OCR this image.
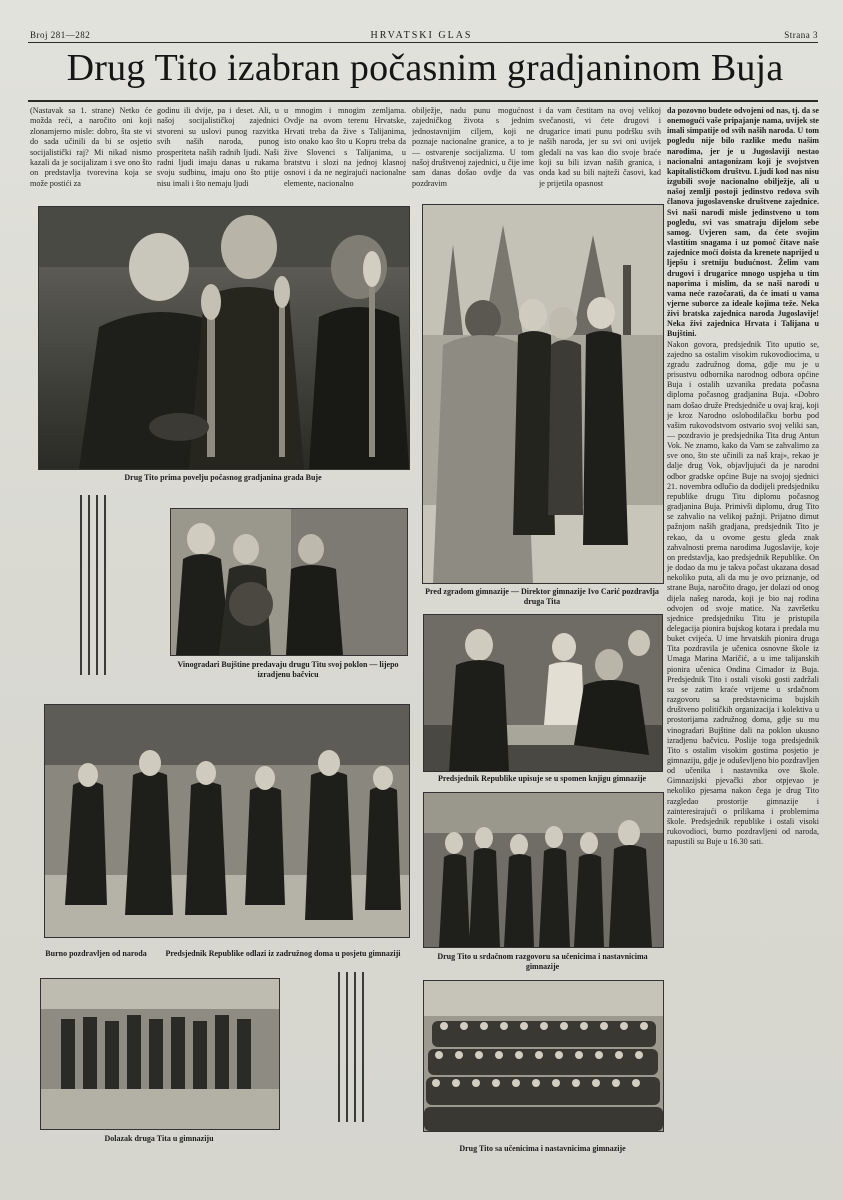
Broj 281—282	HRVATSKI GLAS	Strana 3
Drug Tito izabran počasnim gradjaninom Buja
(Nastavak sa 1. strane) Netko će možda reći, a naročito oni koji zlonamjerno misle: dobro, šta ste vi do sada učinili da bi se osjetio socijalistički raj? Mi nikad nismo kazali da je socijalizam i sve ono što on predstavlja tvorevina koja se može postići za
godinu ili dvije, pa i deset. Ali, u našoj socijalističkoj zajednici stvoreni su uslovi punog razvitka svih naših naroda, punog prosperiteta naših radnih ljudi. Naši radni ljudi imaju danas u rukama svoju sudbinu, imaju ono što ptije nisu imali i što nemaju ljudi
u mnogim i mnogim zemljama. Ovdje na ovom terenu Hrvatske, Hrvati treba da žive s Talijanima, isto onako kao što u Kopru treba da žive Slovenci s Talijanima, u bratstvu i slozi na jednoj klasnoj osnovi i da ne negirajući nacionalne elemente, nacionalno
obilježje, nadu punu mogućnost zajedničkog života s jednim jednostavnijim ciljem, koji ne poznaje nacionalne granice, a to je — ostvarenje socijalizma. U tom našoj društvenoj zajednici, u čije ime sam danas došao ovdje da vas pozdravim
i da vam čestitam na ovoj velikoj svečanosti, vi ćete drugovi i drugarice imati punu podršku svih naših naroda, jer su svi oni uvijek gledali na vas kao dio svoje braće koji su bili izvan naših granica, i onda kad su bili najteži časovi, kad je prijetila opasnost

da pozovno budete odvojeni od nas, tj. da se onemogući vaše pripajanje nama, uvijek ste imali simpatije od svih naših naroda. U tom pogledu nije bilo razlike među našim narodima, jer je u Jugoslaviji nestao nacionalni antagonizam koji je svojstven kapitalističkom društvu. Ljudi kod nas nisu izgubili svoje nacionalno obilježje, ali u našoj zemlji postoji jedinstvo redova svih članova jugoslavenske društvene zajednice. Svi naši narodi misle jedinstveno u tom pogledu, svi vas smatraju dijelom sebe samog. Uvjeren sam, da ćete svojim vlastitim snagama i uz pomoć čitave naše zajednice moći doista da krenete naprijed u ljepšu i sretniju budućnost. Želim vam drugovi i drugarice mnogo uspjeha u tim naporima i mislim, da se naši narodi u vama neće razočarati, da će imati u vama vjerne suborce za ideale kojima teže. Neka živi bratska zajednica naroda Jugoslavije! Neka živi zajednica Hrvata i Talijana u Bujštini.

Nakon govora, predsjednik Tito uputio se, zajedno sa ostalim visokim rukovodiocima, u zgradu zadružnog doma, gdje mu je u prisustvu odbornika narodnog odbora općine Buja i ostalih uzvanika predata počasna diploma počasnog gradjanina Buja. «Dobro nam došao druže Predsjedniče u ovaj kraj, koji je kroz Narodno oslobodilačku borbu pod vašim rukovodstvom ostvario svoj veliki san, — pozdravio je predsjednika Tita drug Antun Vok. Ne znamo, kako da Vam se zahvalimo za sve ono, što ste učinili za naš kraj», rekao je dalje drug Vok, objavljujući da je narodni odbor gradske općine Buje na svojoj sjednici 21. novembra odlučio da dodijeli predsjedniku republike drugu Titu diplomu počasnog gradjanina Buja. Primivši diplomu, drug Tito se zahvalio na velikoj pažnji. Prijatno dirnut pažnjom naših gradjana, predsjednik Tito je rekao, da u ovome gestu gleda znak zahvalnosti prema narodima Jugoslavije, koje on predstavlja, kao predsjednik Republike. On je dodao da mu je takva počast ukazana dosad nekoliko puta, ali da mu je ovo priznanje, od strane Buja, naročito drago, jer dolazi od onog dijela našeg naroda, koji je bio naj rodina odvojen od svoje matice. Na završetku sjednice predsjedniku Titu je pristupila delegacija pionira bujskog kotara i predala mu buket cvijeća. U ime hrvatskih pionira druga Tita pozdravila je učenica osnovne škole iz Umaga Marina Maričić, a u ime talijanskih pionira učenica Ondina Cimador iz Buja. Predsjednik Tito i ostali visoki gosti zadržali su se zatim kraće vrijeme u srdačnom razgovoru sa predstavnicima bujskih društveno političkih organizacija i kolektiva u prostorijama zadružnog doma, gdje su mu vinogradari Bujštine dali na poklon ukusno izradjenu bačvicu. Poslije toga predsjednik Tito s ostalim visokim gostima posjetio je gimnaziju, gdje je oduševljeno bio pozdravljen od učenika i nastavnika ove škole. Gimnazijski pjevački zbor otpjevao je nekoliko pjesama nakon čega je drug Tito razgledao prostorije gimnazije i zainteresirajući o prilikama i problemima škole. Predsjednik republike i ostali visoki rukovodioci, burno pozdravljeni od naroda, napustili su Buje u 16.30 sati.

Drug Tito prima povelju počasnog gradjanina grada Buje
Vinogradari Bujštine predavaju drugu Titu svoj poklon — lijepo izradjenu bačvicu
Pred zgradom gimnazije — Direktor gimnazije Ivo Carić pozdravlja druga Tita
Predsjednik Republike upisuje se u spomen knjigu gimnazije
Burno pozdravljen od naroda	Predsjednik Republike odlazi iz zadružnog doma u posjetu gimnaziji	Drug Tito u srdačnom razgovoru sa učenicima i nastavnicima gimnazije
Dolazak druga Tita u gimnaziju
Drug Tito sa učenicima i nastavnicima gimnazije
